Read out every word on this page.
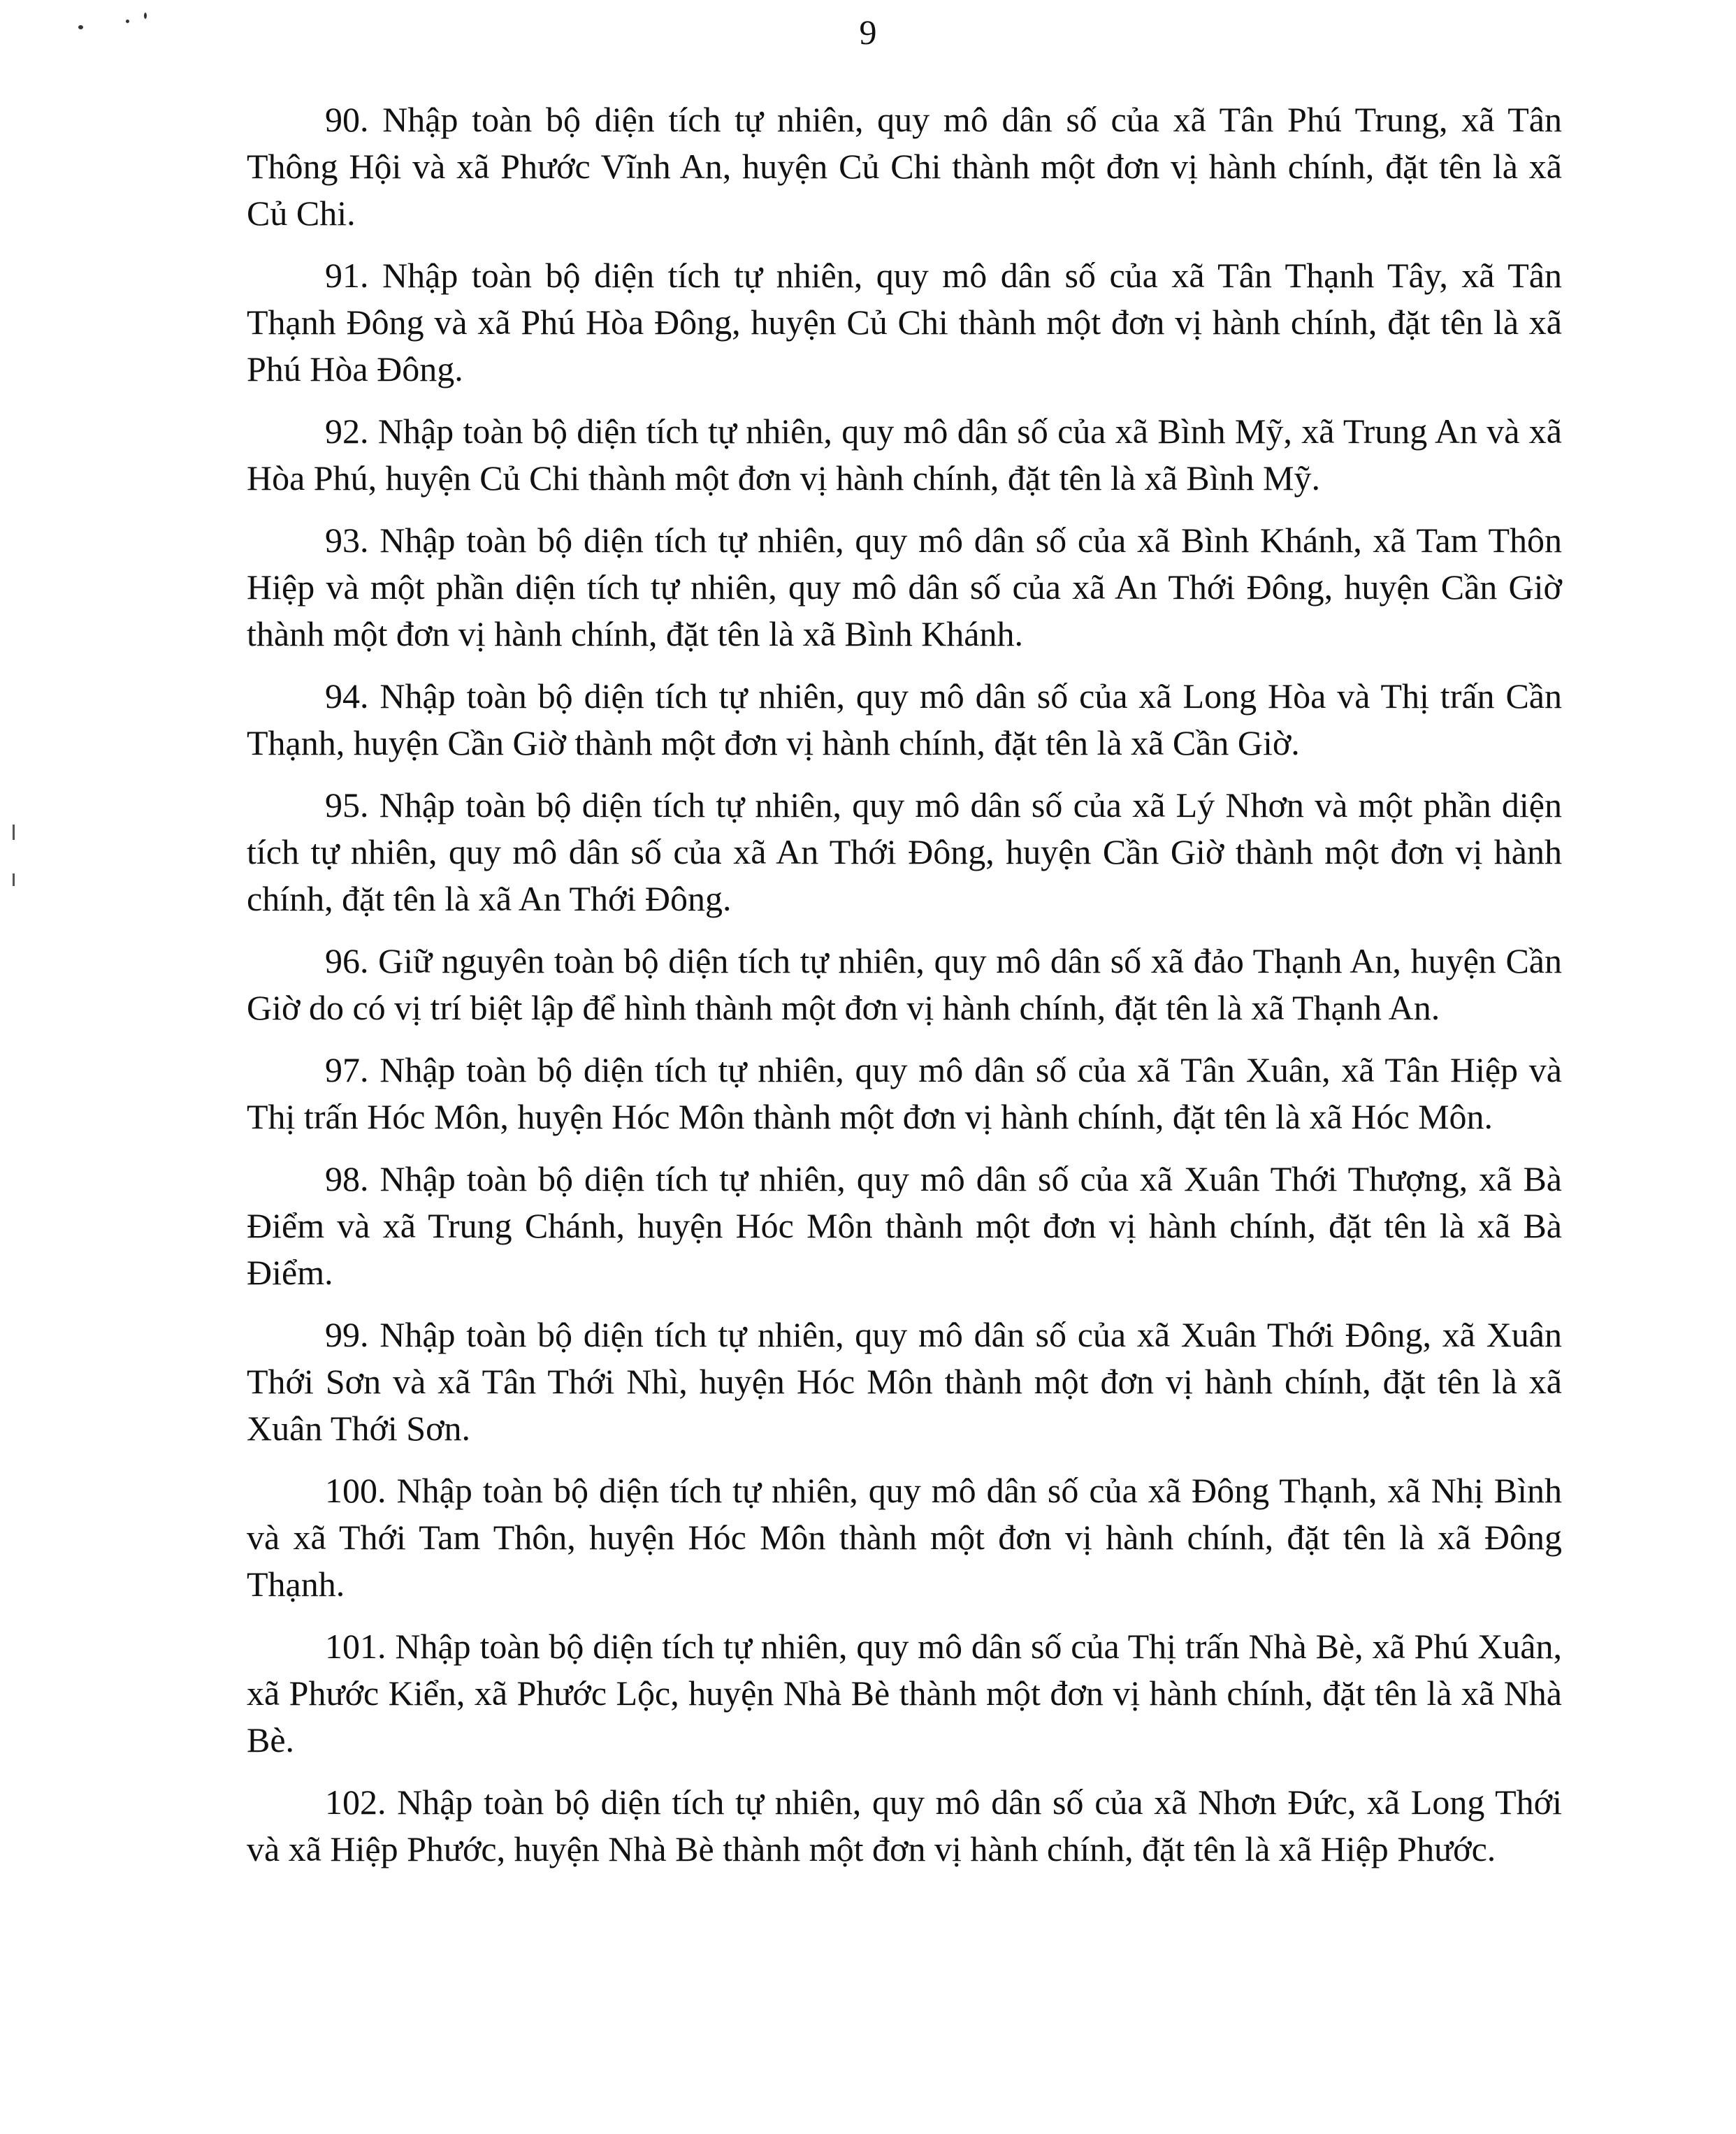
9

90. Nhập toàn bộ diện tích tự nhiên, quy mô dân số của xã Tân Phú Trung, xã Tân Thông Hội và xã Phước Vĩnh An, huyện Củ Chi thành một đơn vị hành chính, đặt tên là xã Củ Chi.

91. Nhập toàn bộ diện tích tự nhiên, quy mô dân số của xã Tân Thạnh Tây, xã Tân Thạnh Đông và xã Phú Hòa Đông, huyện Củ Chi thành một đơn vị hành chính, đặt tên là xã Phú Hòa Đông.

92. Nhập toàn bộ diện tích tự nhiên, quy mô dân số của xã Bình Mỹ, xã Trung An và xã Hòa Phú, huyện Củ Chi thành một đơn vị hành chính, đặt tên là xã Bình Mỹ.

93. Nhập toàn bộ diện tích tự nhiên, quy mô dân số của xã Bình Khánh, xã Tam Thôn Hiệp và một phần diện tích tự nhiên, quy mô dân số của xã An Thới Đông, huyện Cần Giờ thành một đơn vị hành chính, đặt tên là xã Bình Khánh.

94. Nhập toàn bộ diện tích tự nhiên, quy mô dân số của xã Long Hòa và Thị trấn Cần Thạnh, huyện Cần Giờ thành một đơn vị hành chính, đặt tên là xã Cần Giờ.

95. Nhập toàn bộ diện tích tự nhiên, quy mô dân số của xã Lý Nhơn và một phần diện tích tự nhiên, quy mô dân số của xã An Thới Đông, huyện Cần Giờ thành một đơn vị hành chính, đặt tên là xã An Thới Đông.

96. Giữ nguyên toàn bộ diện tích tự nhiên, quy mô dân số xã đảo Thạnh An, huyện Cần Giờ do có vị trí biệt lập để hình thành một đơn vị hành chính, đặt tên là xã Thạnh An.

97. Nhập toàn bộ diện tích tự nhiên, quy mô dân số của xã Tân Xuân, xã Tân Hiệp và Thị trấn Hóc Môn, huyện Hóc Môn thành một đơn vị hành chính, đặt tên là xã Hóc Môn.

98. Nhập toàn bộ diện tích tự nhiên, quy mô dân số của xã Xuân Thới Thượng, xã Bà Điểm và xã Trung Chánh, huyện Hóc Môn thành một đơn vị hành chính, đặt tên là xã Bà Điểm.

99. Nhập toàn bộ diện tích tự nhiên, quy mô dân số của xã Xuân Thới Đông, xã Xuân Thới Sơn và xã Tân Thới Nhì, huyện Hóc Môn thành một đơn vị hành chính, đặt tên là xã Xuân Thới Sơn.

100. Nhập toàn bộ diện tích tự nhiên, quy mô dân số của xã Đông Thạnh, xã Nhị Bình và xã Thới Tam Thôn, huyện Hóc Môn thành một đơn vị hành chính, đặt tên là xã Đông Thạnh.

101. Nhập toàn bộ diện tích tự nhiên, quy mô dân số của Thị trấn Nhà Bè, xã Phú Xuân, xã Phước Kiển, xã Phước Lộc, huyện Nhà Bè thành một đơn vị hành chính, đặt tên là xã Nhà Bè.

102. Nhập toàn bộ diện tích tự nhiên, quy mô dân số của xã Nhơn Đức, xã Long Thới và xã Hiệp Phước, huyện Nhà Bè thành một đơn vị hành chính, đặt tên là xã Hiệp Phước.
